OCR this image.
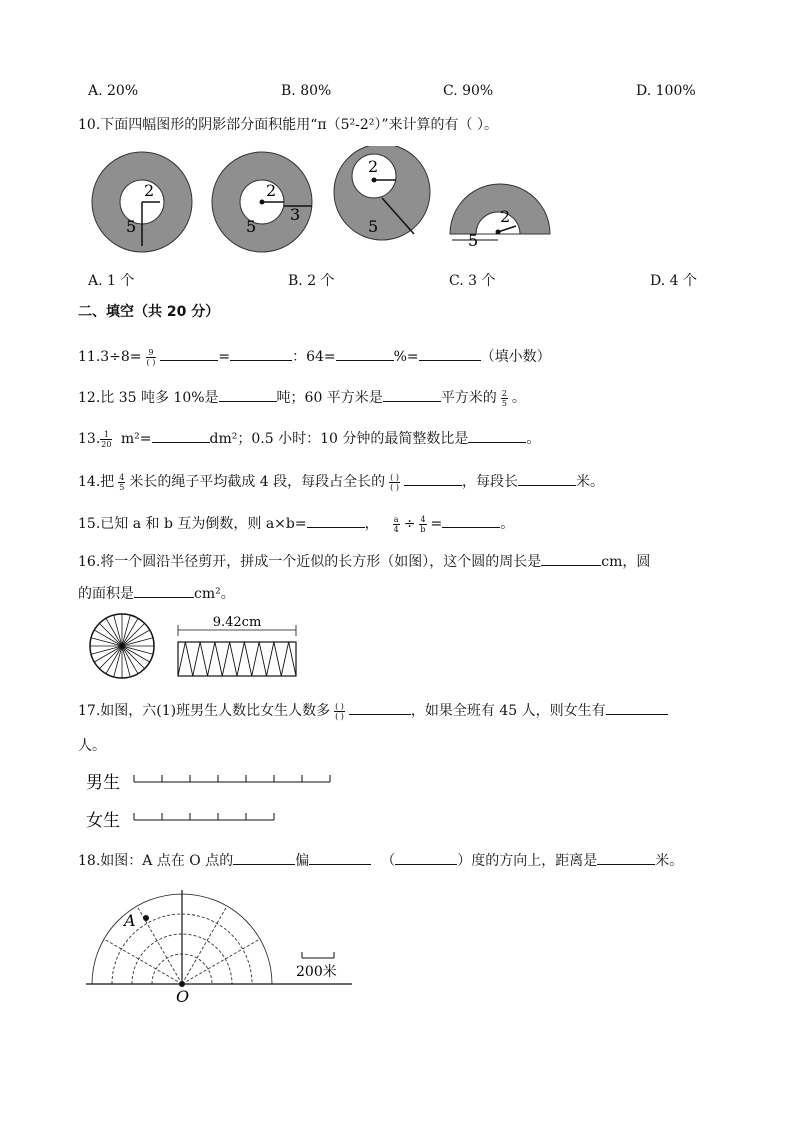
A. 20%	B. 80%	C. 90%	D. 100%
10.下面四幅图形的阴影部分面积能用“π（5²-2²）”来计算的有（ ）。
2
5
2
3
5
2
5
2
5
A. 1 个	B. 2 个	C. 3 个	D. 4 个
二、填空（共 20 分）
$11.3\div 8= \frac{9}{( )}$	=	：64=	%=	（填小数）
12.比 35 吨多 10%是	吨；60 平方米是	平方米的 $\frac{2}{5}$ 。
13. $\frac{1}{20} m^2=$	dm²；0.5 小时：10 分钟的最简整数比是	。
14.把 $\frac{4}{5}$ 米长的绳子平均截成 4 段，每段占全长的 $\frac{( )}{( )}$	，每段长	米。
15.已知 a 和 b 互为倒数，则 a×b=	， $\frac{a}{4} \div \frac{4}{b}$ =	。
16.将一个圆沿半径剪开，拼成一个近似的长方形（如图），这个圆的周长是	cm，圆
的面积是	cm²。
9.42cm
17.如图，六(1)班男生人数比女生人数多 $\frac{( )}{( )}$	，如果全班有 45 人，则女生有
人。
男生
女生
18.如图：A 点在 O 点的	偏	（	）度的方向上，距离是	米。
A
O
200米
